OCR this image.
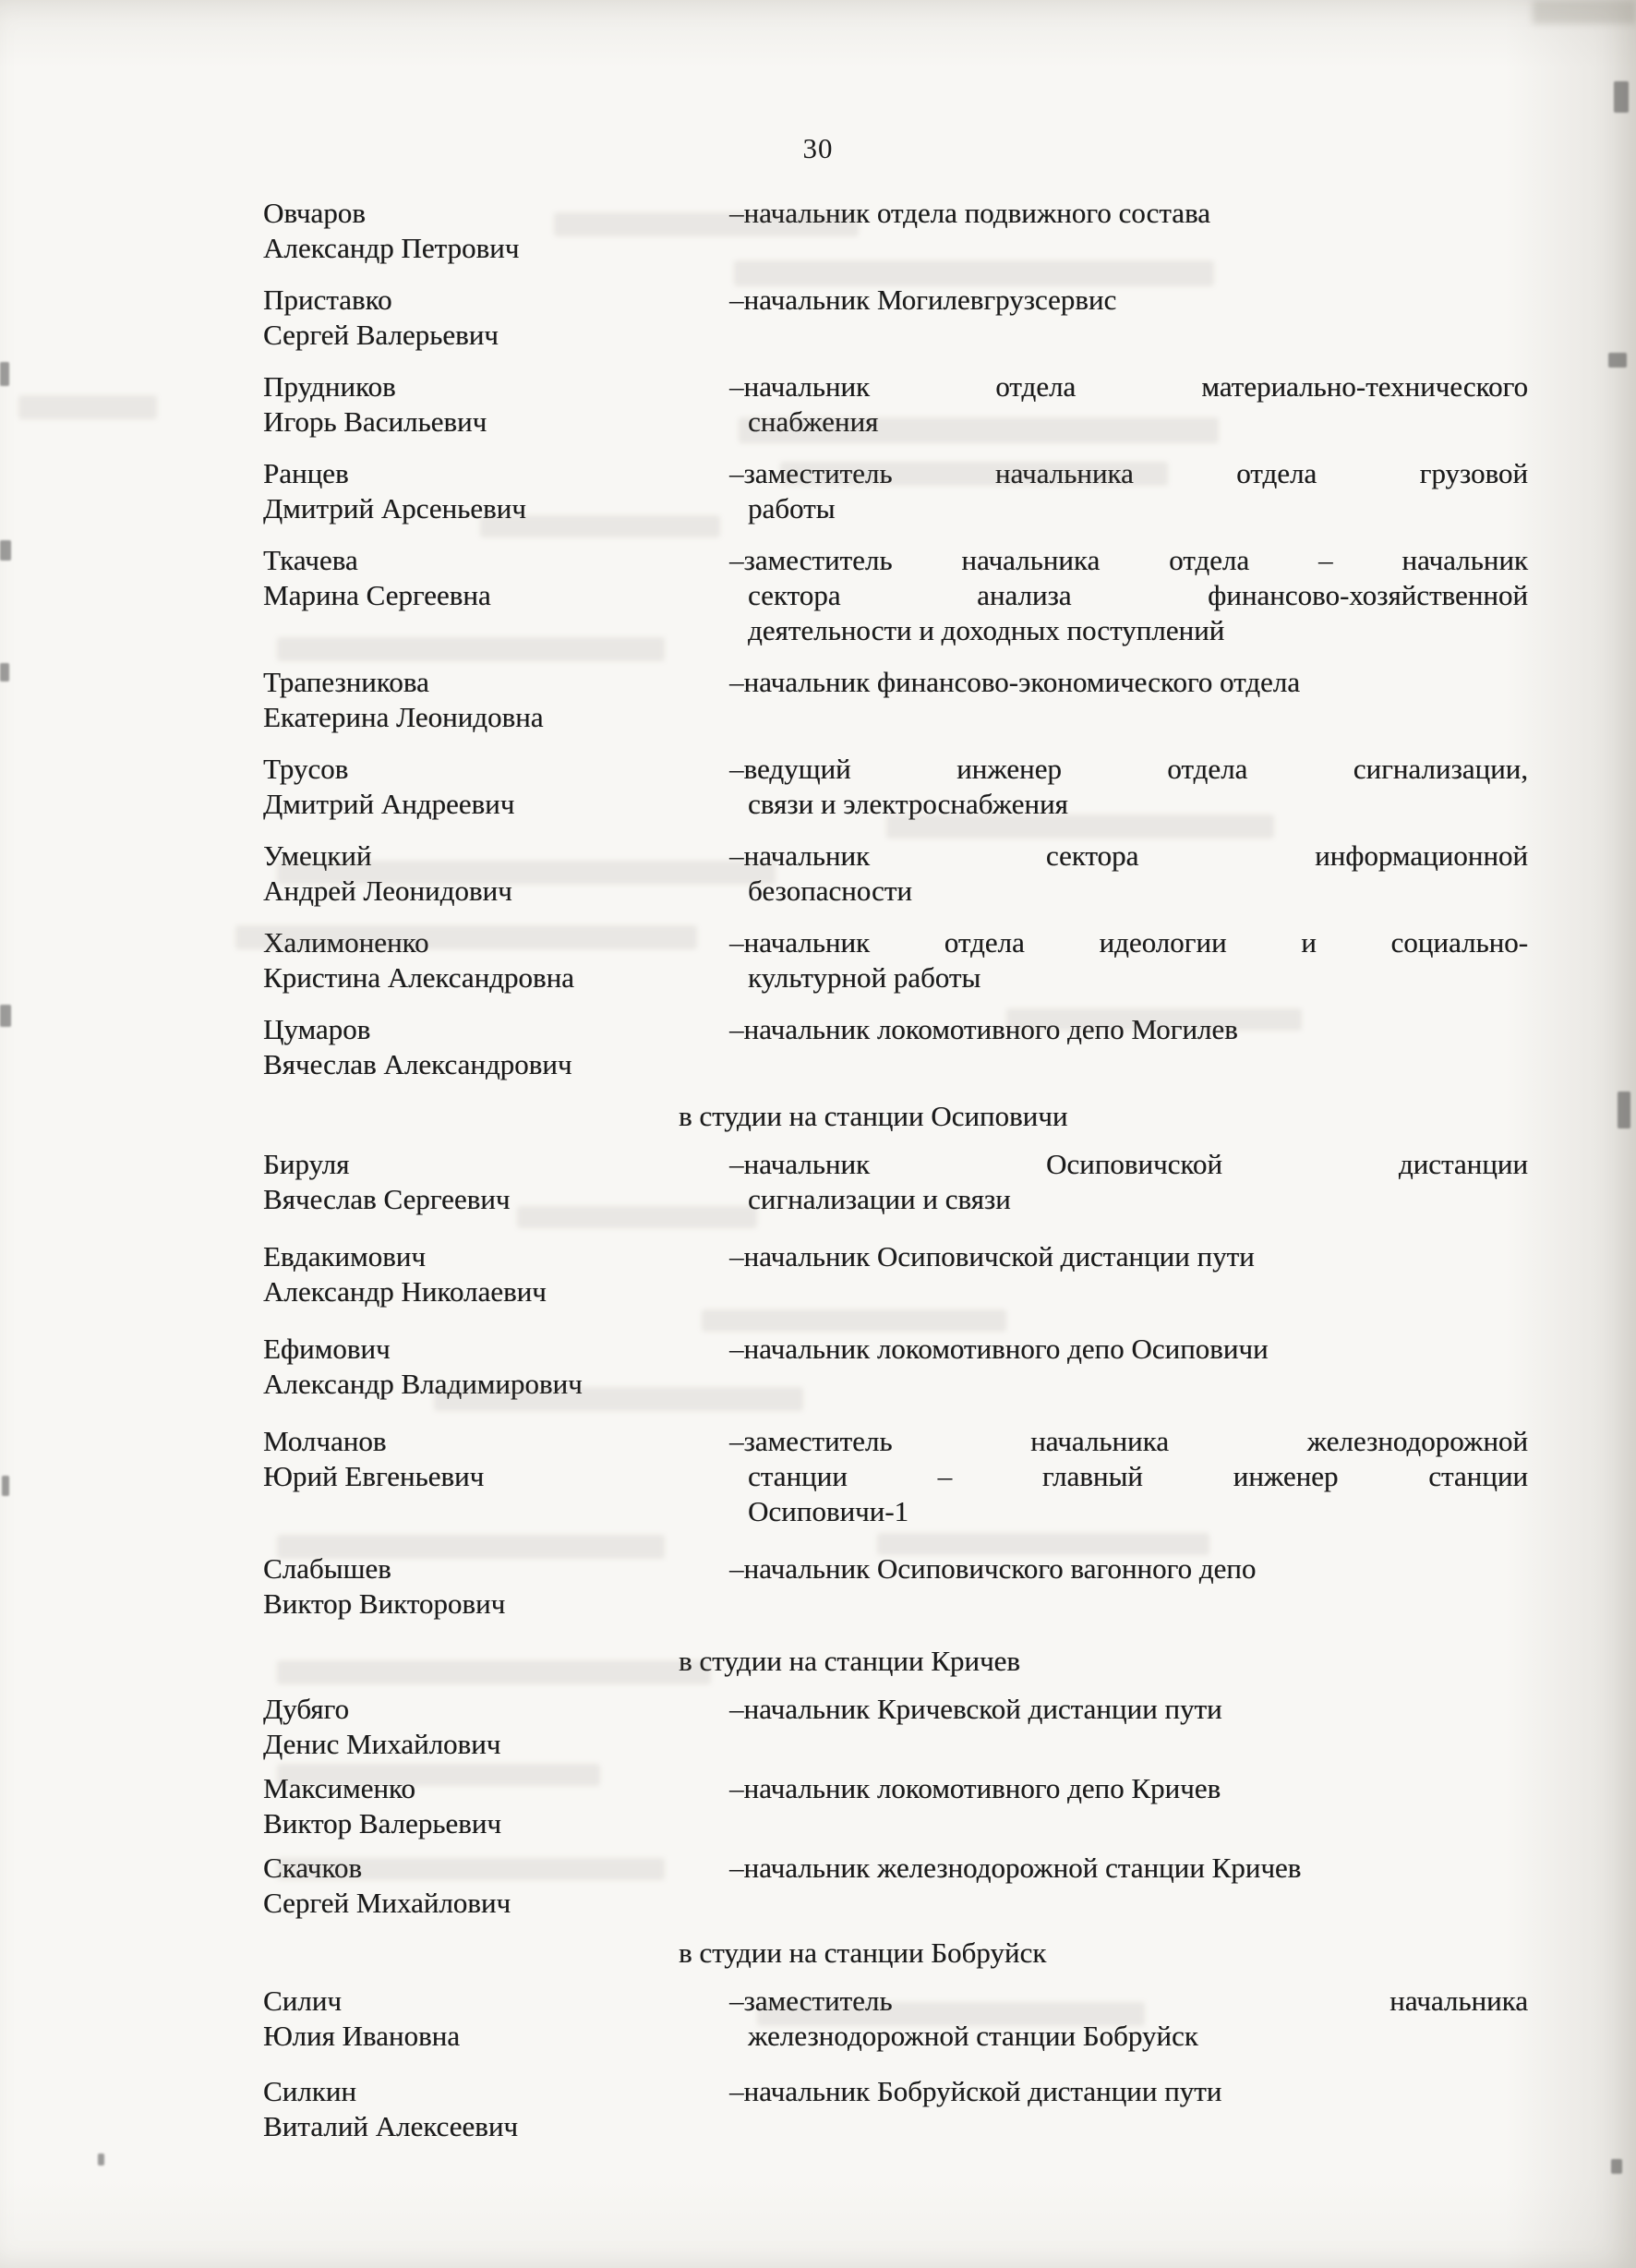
30
Овчаров
Александр Петрович
–начальник отдела подвижного состава
Приставко
Сергей Валерьевич
–начальник Могилевгрузсервис
Прудников
Игорь Васильевич
–начальник отдела материально-технического
снабжения
Ранцев
Дмитрий Арсеньевич
–заместитель начальника отдела грузовой
работы
Ткачева
Марина Сергеевна
–заместитель начальника отдела – начальник
сектора анализа финансово-хозяйственной
деятельности и доходных поступлений
Трапезникова
Екатерина Леонидовна
–начальник финансово-экономического отдела
Трусов
Дмитрий Андреевич
–ведущий инженер отдела сигнализации,
связи и электроснабжения
Умецкий
Андрей Леонидович
–начальник сектора информационной
безопасности
Халимоненко
Кристина Александровна
–начальник отдела идеологии и социально-
культурной работы
Цумаров
Вячеслав Александрович
–начальник локомотивного депо Могилев
в студии на станции Осиповичи
Бируля
Вячеслав Сергеевич
–начальник Осиповичской дистанции
сигнализации и связи
Евдакимович
Александр Николаевич
–начальник Осиповичской дистанции пути
Ефимович
Александр Владимирович
–начальник локомотивного депо Осиповичи
Молчанов
Юрий Евгеньевич
–заместитель начальника железнодорожной
станции – главный инженер станции
Осиповичи-1
Слабышев
Виктор Викторович
–начальник Осиповичского вагонного депо
в студии на станции Кричев
Дубяго
Денис Михайлович
–начальник Кричевской дистанции пути
Максименко
Виктор Валерьевич
–начальник локомотивного депо Кричев
Скачков
Сергей Михайлович
–начальник железнодорожной станции Кричев
в студии на станции Бобруйск
Силич
Юлия Ивановна
–заместитель начальника
железнодорожной станции Бобруйск
Силкин
Виталий Алексеевич
–начальник Бобруйской дистанции пути
